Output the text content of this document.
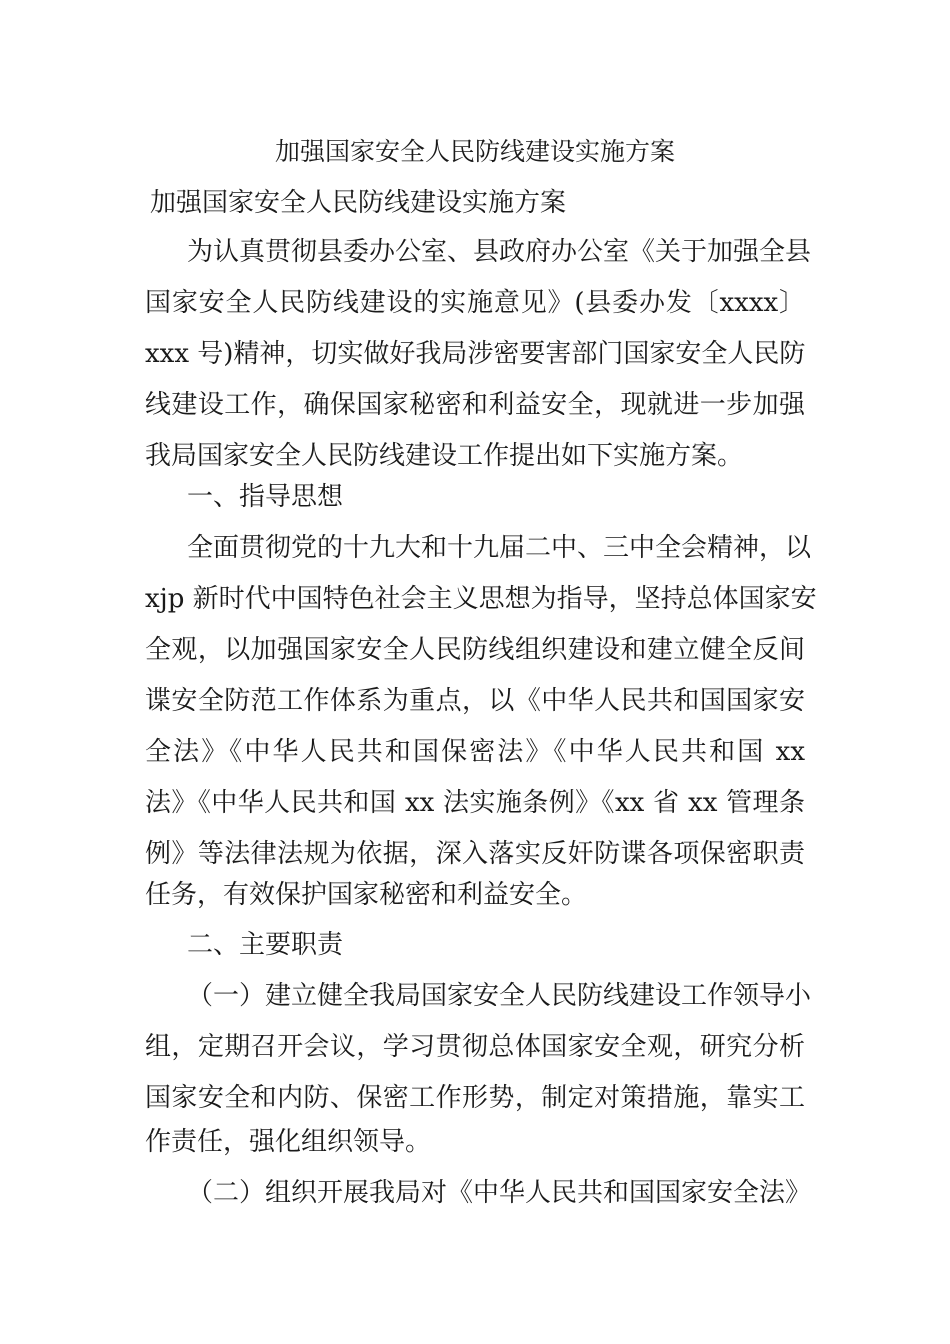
加强国家安全人民防线建设实施方案
加强国家安全人民防线建设实施方案
为认真贯彻县委办公室、县政府办公室《关于加强全县
国家安全人民防线建设的实施意见》(县委办发〔xxxx〕
xxx 号)精神，切实做好我局涉密要害部门国家安全人民防
线建设工作，确保国家秘密和利益安全，现就进一步加强
我局国家安全人民防线建设工作提出如下实施方案。
一、指导思想
全面贯彻党的十九大和十九届二中、三中全会精神，以
xjp 新时代中国特色社会主义思想为指导，坚持总体国家安
全观，以加强国家安全人民防线组织建设和建立健全反间
谍安全防范工作体系为重点，以《中华人民共和国国家安
全法》《中华人民共和国保密法》《中华人民共和国 xx
法》《中华人民共和国 xx 法实施条例》《xx 省 xx 管理条
例》等法律法规为依据，深入落实反奸防谍各项保密职责
任务，有效保护国家秘密和利益安全。
二、主要职责
（一）建立健全我局国家安全人民防线建设工作领导小
组，定期召开会议，学习贯彻总体国家安全观，研究分析
国家安全和内防、保密工作形势，制定对策措施，靠实工
作责任，强化组织领导。
（二）组织开展我局对《中华人民共和国国家安全法》
